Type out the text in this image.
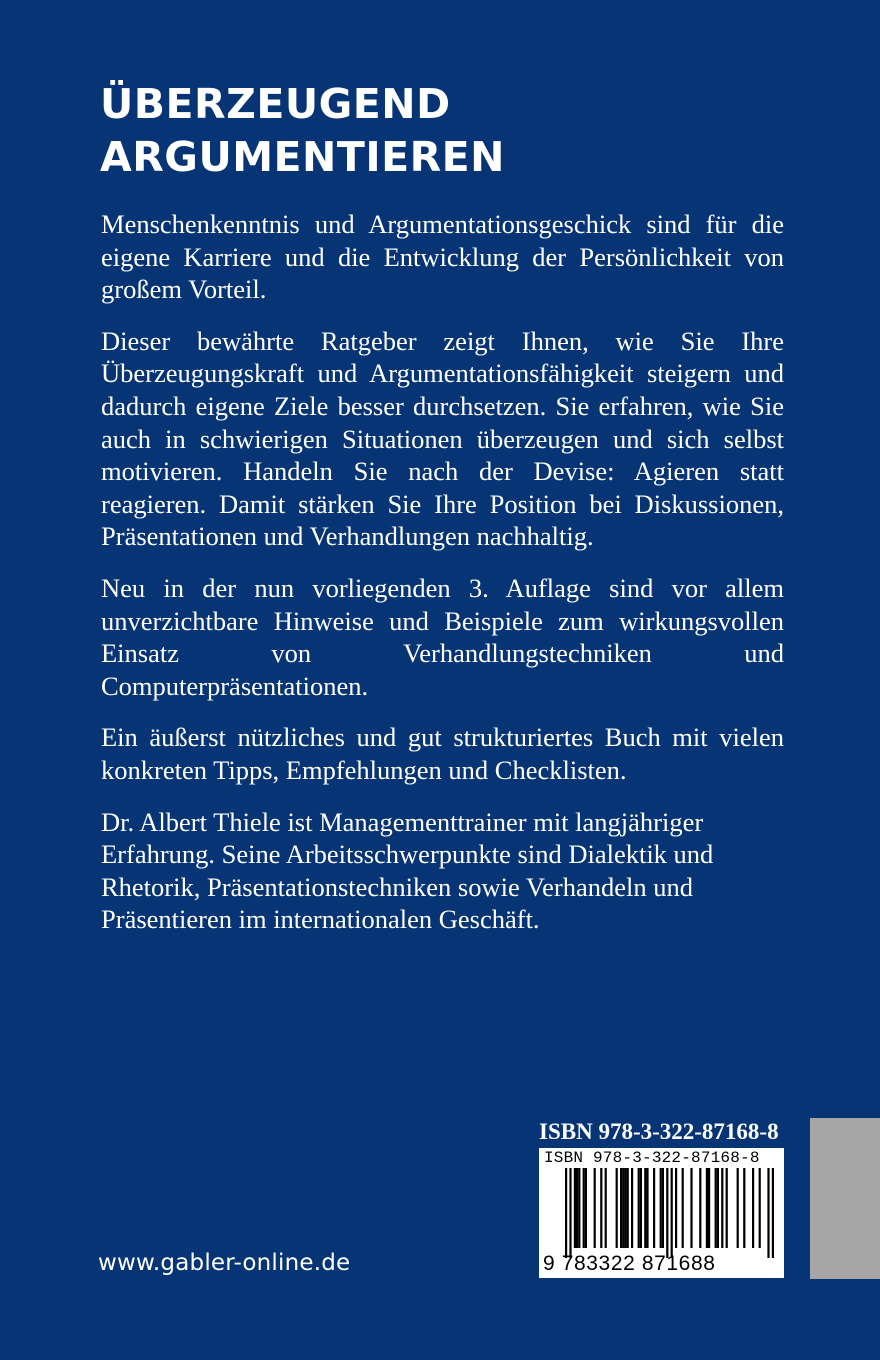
ÜBERZEUGEND
ARGUMENTIEREN

Menschenkenntnis und Argumentationsgeschick sind für die eigene Karriere und die Entwicklung der Persönlichkeit von großem Vorteil.

Dieser bewährte Ratgeber zeigt Ihnen, wie Sie Ihre Überzeugungskraft und Argumentationsfähigkeit steigern und dadurch eigene Ziele besser durchsetzen. Sie erfahren, wie Sie auch in schwierigen Situationen überzeugen und sich selbst motivieren. Handeln Sie nach der Devise: Agieren statt reagieren. Damit stärken Sie Ihre Position bei Diskussionen, Präsentationen und Verhandlungen nachhaltig.

Neu in der nun vorliegenden 3. Auflage sind vor allem unverzichtbare Hinweise und Beispiele zum wirkungsvollen Einsatz von Verhandlungstechniken und Computerpräsentationen.

Ein äußerst nützliches und gut strukturiertes Buch mit vielen konkreten Tipps, Empfehlungen und Checklisten.

Dr. Albert Thiele ist Managementtrainer mit langjähriger Erfahrung. Seine Arbeitsschwerpunkte sind Dialektik und Rhetorik, Präsentationstechniken sowie Verhandeln und Präsentieren im internationalen Geschäft.

ISBN 978-3-322-87168-8
ISBN 978-3-322-87168-8
9 783322 871688
www.gabler-online.de
